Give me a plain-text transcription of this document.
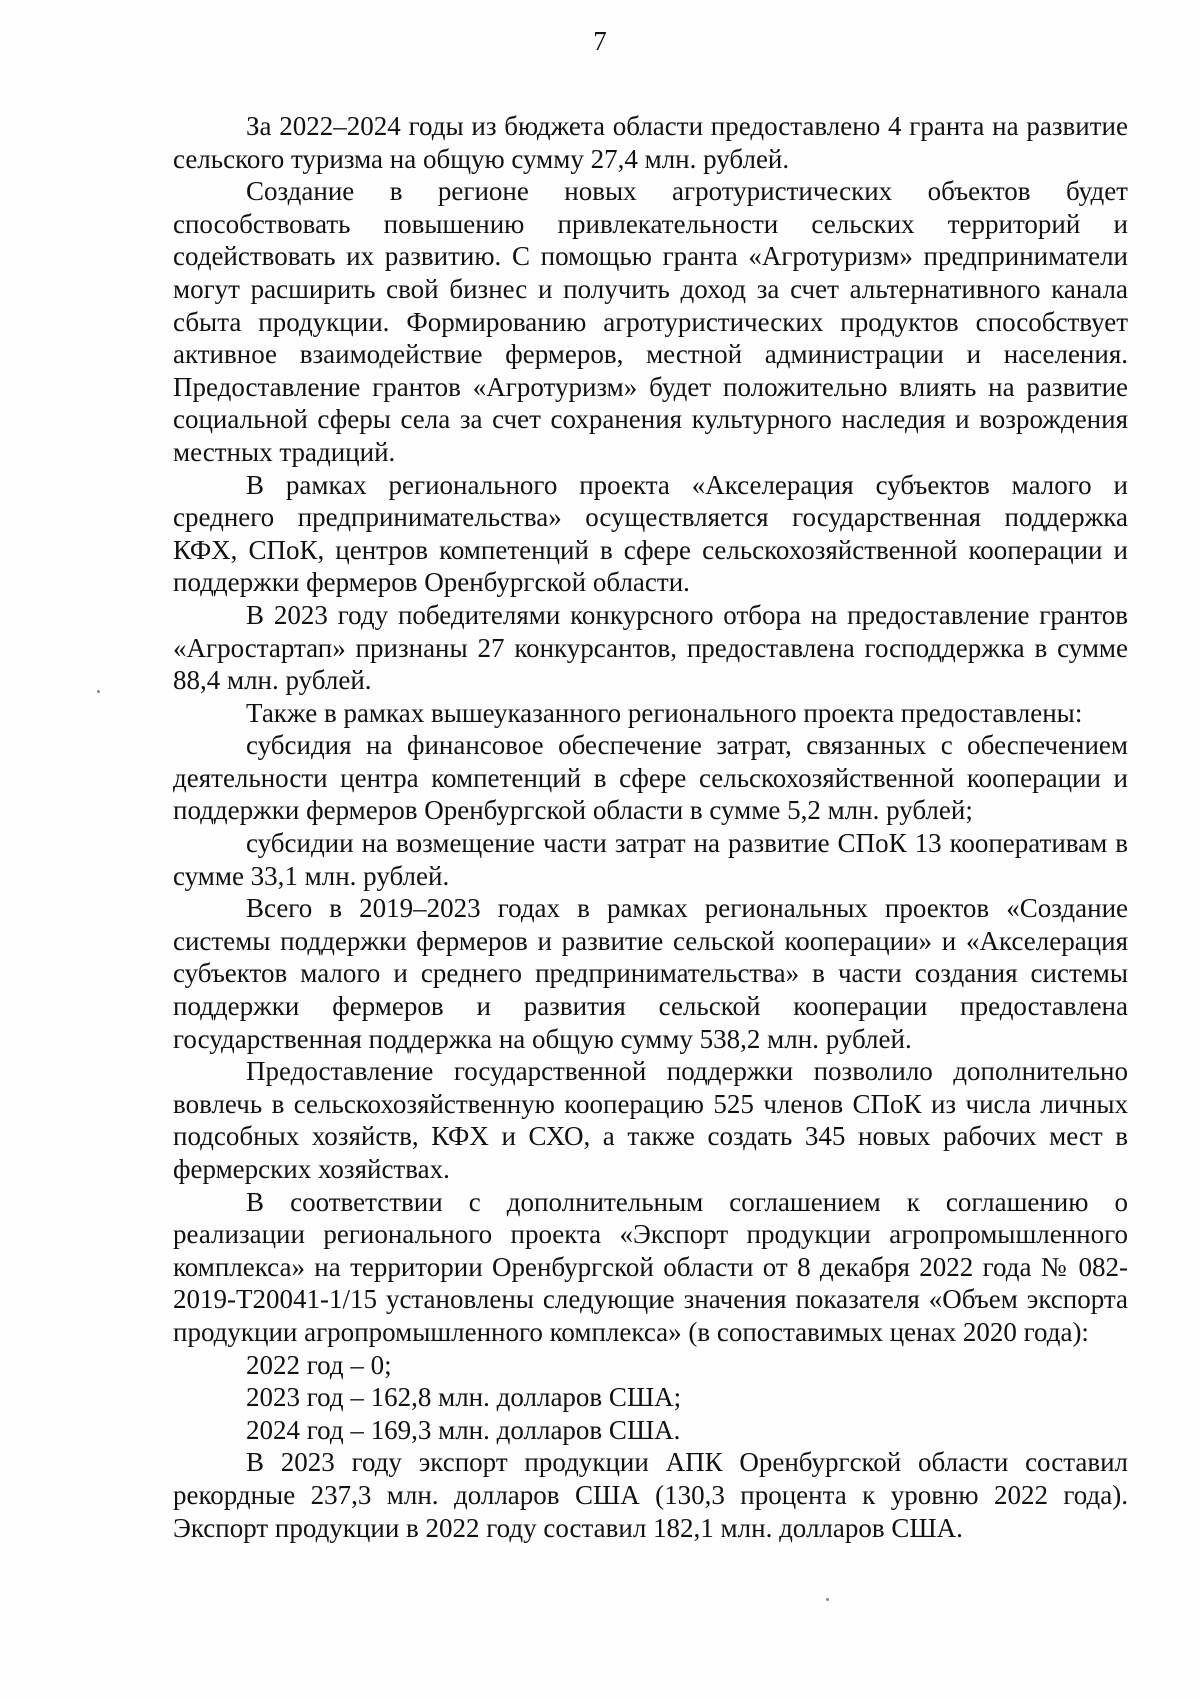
7

За 2022–2024 годы из бюджета области предоставлено 4 гранта на развитие сельского туризма на общую сумму 27,4 млн. рублей.

Создание в регионе новых агротуристических объектов будет способствовать повышению привлекательности сельских территорий и содействовать их развитию. С помощью гранта «Агротуризм» предприниматели могут расширить свой бизнес и получить доход за счет альтернативного канала сбыта продукции. Формированию агротуристических продуктов способствует активное взаимодействие фермеров, местной администрации и населения. Предоставление грантов «Агротуризм» будет положительно влиять на развитие социальной сферы села за счет сохранения культурного наследия и возрождения местных традиций.

В рамках регионального проекта «Акселерация субъектов малого и среднего предпринимательства» осуществляется государственная поддержка КФХ, СПоК, центров компетенций в сфере сельскохозяйственной кооперации и поддержки фермеров Оренбургской области.

В 2023 году победителями конкурсного отбора на предоставление грантов «Агростартап» признаны 27 конкурсантов, предоставлена господдержка в сумме 88,4 млн. рублей.

Также в рамках вышеуказанного регионального проекта предоставлены:

субсидия на финансовое обеспечение затрат, связанных с обеспечением деятельности центра компетенций в сфере сельскохозяйственной кооперации и поддержки фермеров Оренбургской области в сумме 5,2 млн. рублей;

субсидии на возмещение части затрат на развитие СПоК 13 кооперативам в сумме 33,1 млн. рублей.

Всего в 2019–2023 годах в рамках региональных проектов «Создание системы поддержки фермеров и развитие сельской кооперации» и «Акселерация субъектов малого и среднего предпринимательства» в части создания системы поддержки фермеров и развития сельской кооперации предоставлена государственная поддержка на общую сумму 538,2 млн. рублей.

Предоставление государственной поддержки позволило дополнительно вовлечь в сельскохозяйственную кооперацию 525 членов СПоК из числа личных подсобных хозяйств, КФХ и СХО, а также создать 345 новых рабочих мест в фермерских хозяйствах.

В соответствии с дополнительным соглашением к соглашению о реализации регионального проекта «Экспорт продукции агропромышленного комплекса» на территории Оренбургской области от 8 декабря 2022 года № 082-2019-Т20041-1/15 установлены следующие значения показателя «Объем экспорта продукции агропромышленного комплекса» (в сопоставимых ценах 2020 года):

2022 год – 0;

2023 год – 162,8 млн. долларов США;

2024 год – 169,3 млн. долларов США.

В 2023 году экспорт продукции АПК Оренбургской области составил рекордные 237,3 млн. долларов США (130,3 процента к уровню 2022 года). Экспорт продукции в 2022 году составил 182,1 млн. долларов США.
